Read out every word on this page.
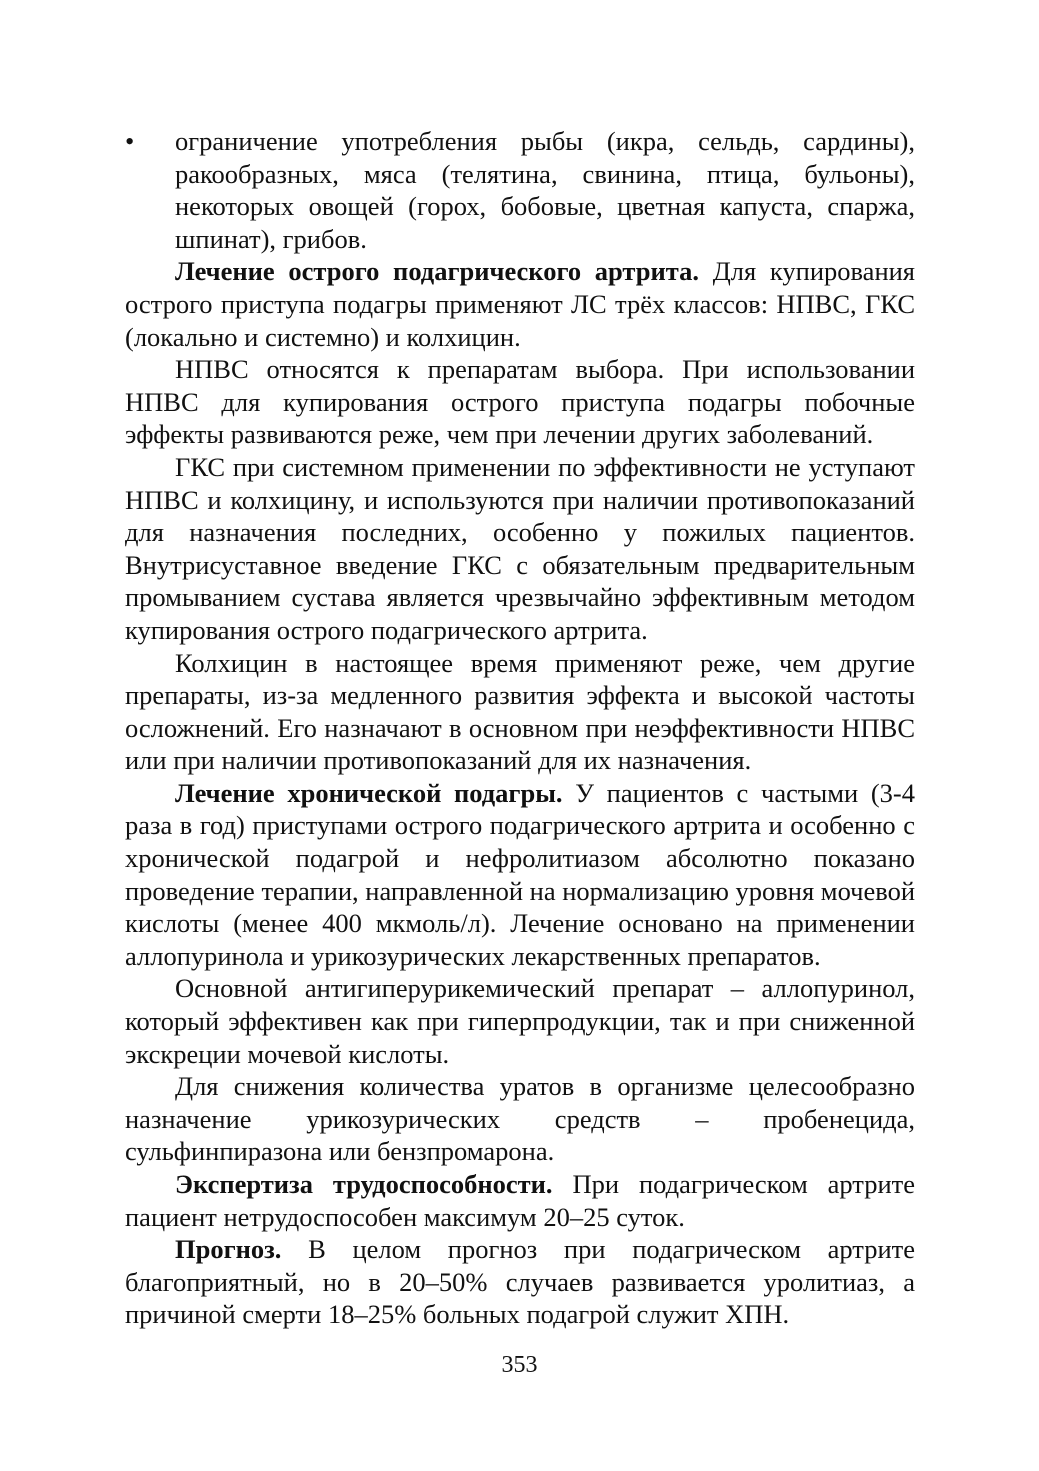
• ограничение употребления рыбы (икра, сельдь, сардины), ракообразных, мяса (телятина, свинина, птица, бульоны), некоторых овощей (горох, бобовые, цветная капуста, спаржа, шпинат), грибов.

Лечение острого подагрического артрита. Для купирования острого приступа подагры применяют ЛС трёх классов: НПВС, ГКС (локально и системно) и колхицин.

НПВС относятся к препаратам выбора. При использовании НПВС для купирования острого приступа подагры побочные эффекты развиваются реже, чем при лечении других заболеваний.

ГКС при системном применении по эффективности не уступают НПВС и колхицину, и используются при наличии противопоказаний для назначения последних, особенно у пожилых пациентов. Внутрисуставное введение ГКС с обязательным предварительным промыванием сустава является чрезвычайно эффективным методом купирования острого подагрического артрита.

Колхицин в настоящее время применяют реже, чем другие препараты, из-за медленного развития эффекта и высокой частоты осложнений. Его назначают в основном при неэффективности НПВС или при наличии противопоказаний для их назначения.

Лечение хронической подагры. У пациентов с частыми (3-4 раза в год) приступами острого подагрического артрита и особенно с хронической подагрой и нефролитиазом абсолютно показано проведение терапии, направленной на нормализацию уровня мочевой кислоты (менее 400 мкмоль/л). Лечение основано на применении аллопуринола и урикозурических лекарственных препаратов.

Основной антигиперурикемический препарат – аллопуринол, который эффективен как при гиперпродукции, так и при сниженной экскреции мочевой кислоты.

Для снижения количества уратов в организме целесообразно назначение урикозурических средств – пробенецида, сульфинпиразона или бензпромарона.

Экспертиза трудоспособности. При подагрическом артрите пациент нетрудоспособен максимум 20–25 суток.

Прогноз. В целом прогноз при подагрическом артрите благоприятный, но в 20–50% случаев развивается уролитиаз, а причиной смерти 18–25% больных подагрой служит ХПН.

353
